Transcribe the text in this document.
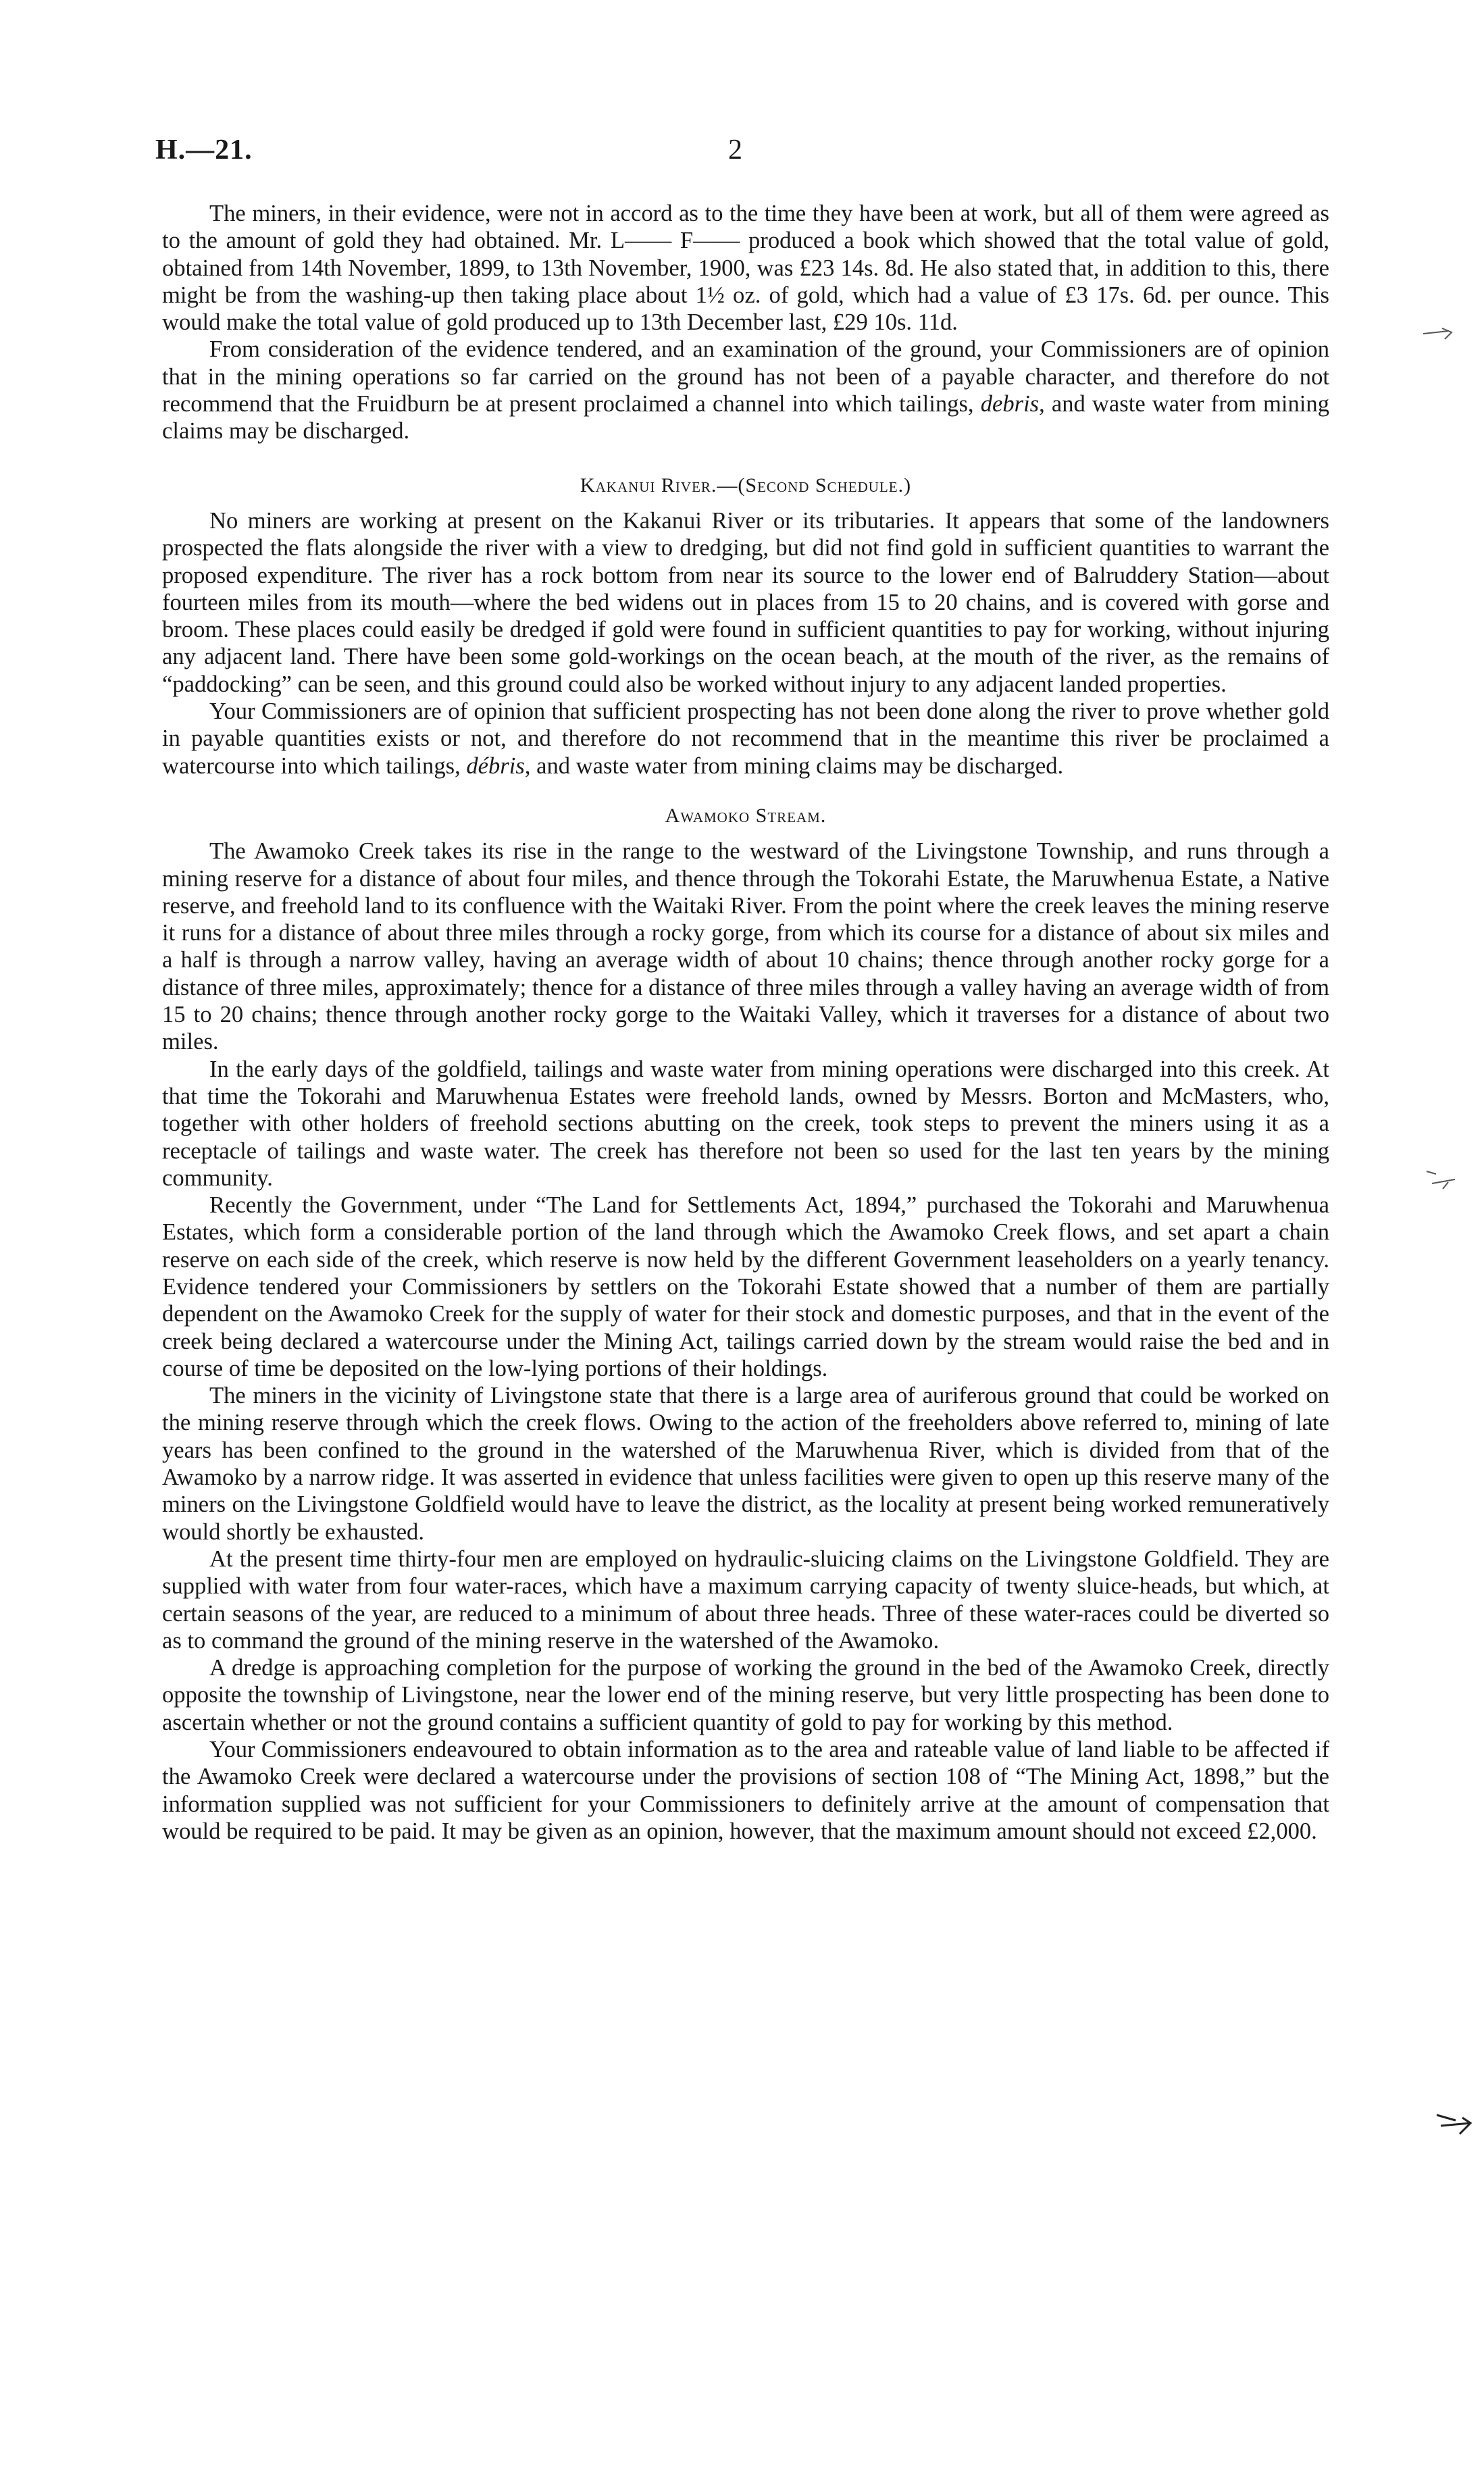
H.—21.	2

The miners, in their evidence, were not in accord as to the time they have been at work, but all of them were agreed as to the amount of gold they had obtained. Mr. L—— F—— produced a book which showed that the total value of gold, obtained from 14th November, 1899, to 13th November, 1900, was £23 14s. 8d. He also stated that, in addition to this, there might be from the washing-up then taking place about 1½ oz. of gold, which had a value of £3 17s. 6d. per ounce. This would make the total value of gold produced up to 13th December last, £29 10s. 11d.

From consideration of the evidence tendered, and an examination of the ground, your Commissioners are of opinion that in the mining operations so far carried on the ground has not been of a payable character, and therefore do not recommend that the Fruidburn be at present proclaimed a channel into which tailings, debris, and waste water from mining claims may be discharged.

Kakanui River.—(Second Schedule.)

No miners are working at present on the Kakanui River or its tributaries. It appears that some of the landowners prospected the flats alongside the river with a view to dredging, but did not find gold in sufficient quantities to warrant the proposed expenditure. The river has a rock bottom from near its source to the lower end of Balruddery Station—about fourteen miles from its mouth—where the bed widens out in places from 15 to 20 chains, and is covered with gorse and broom. These places could easily be dredged if gold were found in sufficient quantities to pay for working, without injuring any adjacent land. There have been some gold-workings on the ocean beach, at the mouth of the river, as the remains of “paddocking” can be seen, and this ground could also be worked without injury to any adjacent landed properties.

Your Commissioners are of opinion that sufficient prospecting has not been done along the river to prove whether gold in payable quantities exists or not, and therefore do not recommend that in the meantime this river be proclaimed a watercourse into which tailings, débris, and waste water from mining claims may be discharged.

Awamoko Stream.

The Awamoko Creek takes its rise in the range to the westward of the Livingstone Township, and runs through a mining reserve for a distance of about four miles, and thence through the Tokorahi Estate, the Maruwhenua Estate, a Native reserve, and freehold land to its confluence with the Waitaki River. From the point where the creek leaves the mining reserve it runs for a distance of about three miles through a rocky gorge, from which its course for a distance of about six miles and a half is through a narrow valley, having an average width of about 10 chains; thence through another rocky gorge for a distance of three miles, approximately; thence for a distance of three miles through a valley having an average width of from 15 to 20 chains; thence through another rocky gorge to the Waitaki Valley, which it traverses for a distance of about two miles.

In the early days of the goldfield, tailings and waste water from mining operations were discharged into this creek. At that time the Tokorahi and Maruwhenua Estates were freehold lands, owned by Messrs. Borton and McMasters, who, together with other holders of freehold sections abutting on the creek, took steps to prevent the miners using it as a receptacle of tailings and waste water. The creek has therefore not been so used for the last ten years by the mining community.

Recently the Government, under “The Land for Settlements Act, 1894,” purchased the Tokorahi and Maruwhenua Estates, which form a considerable portion of the land through which the Awamoko Creek flows, and set apart a chain reserve on each side of the creek, which reserve is now held by the different Government leaseholders on a yearly tenancy. Evidence tendered your Commissioners by settlers on the Tokorahi Estate showed that a number of them are partially dependent on the Awamoko Creek for the supply of water for their stock and domestic purposes, and that in the event of the creek being declared a watercourse under the Mining Act, tailings carried down by the stream would raise the bed and in course of time be deposited on the low-lying portions of their holdings.

The miners in the vicinity of Livingstone state that there is a large area of auriferous ground that could be worked on the mining reserve through which the creek flows. Owing to the action of the freeholders above referred to, mining of late years has been confined to the ground in the watershed of the Maruwhenua River, which is divided from that of the Awamoko by a narrow ridge. It was asserted in evidence that unless facilities were given to open up this reserve many of the miners on the Livingstone Goldfield would have to leave the district, as the locality at present being worked remuneratively would shortly be exhausted.

At the present time thirty-four men are employed on hydraulic-sluicing claims on the Livingstone Goldfield. They are supplied with water from four water-races, which have a maximum carrying capacity of twenty sluice-heads, but which, at certain seasons of the year, are reduced to a minimum of about three heads. Three of these water-races could be diverted so as to command the ground of the mining reserve in the watershed of the Awamoko.

A dredge is approaching completion for the purpose of working the ground in the bed of the Awamoko Creek, directly opposite the township of Livingstone, near the lower end of the mining reserve, but very little prospecting has been done to ascertain whether or not the ground contains a sufficient quantity of gold to pay for working by this method.

Your Commissioners endeavoured to obtain information as to the area and rateable value of land liable to be affected if the Awamoko Creek were declared a watercourse under the provisions of section 108 of “The Mining Act, 1898,” but the information supplied was not sufficient for your Commissioners to definitely arrive at the amount of compensation that would be required to be paid. It may be given as an opinion, however, that the maximum amount should not exceed £2,000.
